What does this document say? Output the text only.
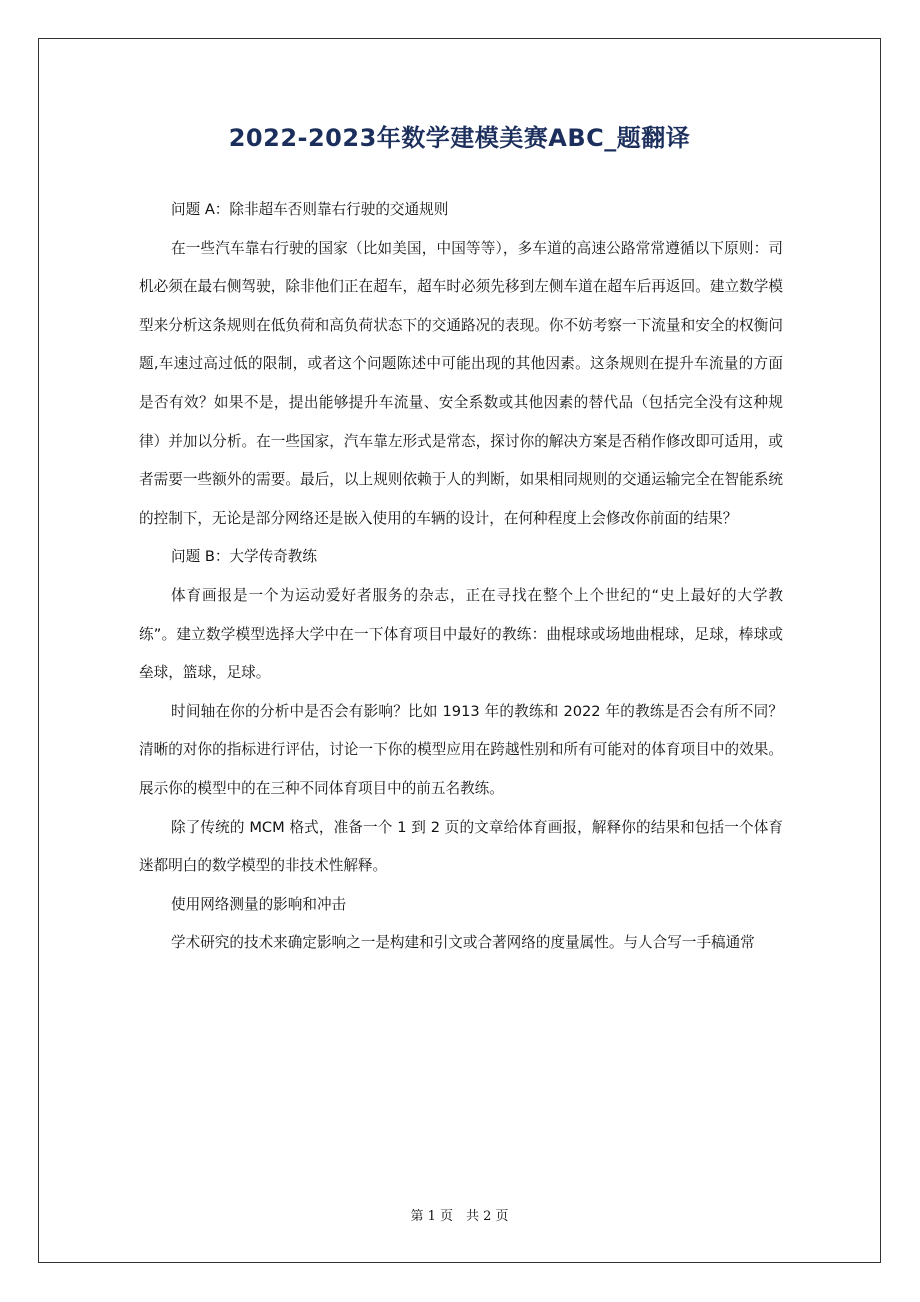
2022-2023年数学建模美赛ABC_题翻译

问题 A：除非超车否则靠右行驶的交通规则

在一些汽车靠右行驶的国家（比如美国，中国等等），多车道的高速公路常常遵循以下原则：司机必须在最右侧驾驶，除非他们正在超车，超车时必须先移到左侧车道在超车后再返回。建立数学模型来分析这条规则在低负荷和高负荷状态下的交通路况的表现。你不妨考察一下流量和安全的权衡问题,车速过高过低的限制，或者这个问题陈述中可能出现的其他因素。这条规则在提升车流量的方面是否有效？如果不是，提出能够提升车流量、安全系数或其他因素的替代品（包括完全没有这种规律）并加以分析。在一些国家，汽车靠左形式是常态，探讨你的解决方案是否稍作修改即可适用，或者需要一些额外的需要。最后，以上规则依赖于人的判断，如果相同规则的交通运输完全在智能系统的控制下，无论是部分网络还是嵌入使用的车辆的设计，在何种程度上会修改你前面的结果？

问题 B：大学传奇教练

体育画报是一个为运动爱好者服务的杂志，正在寻找在整个上个世纪的“史上最好的大学教练”。建立数学模型选择大学中在一下体育项目中最好的教练：曲棍球或场地曲棍球，足球，棒球或垒球，篮球，足球。

时间轴在你的分析中是否会有影响？比如 1913 年的教练和 2022 年的教练是否会有所不同？清晰的对你的指标进行评估，讨论一下你的模型应用在跨越性别和所有可能对的体育项目中的效果。展示你的模型中的在三种不同体育项目中的前五名教练。

除了传统的 MCM 格式，准备一个 1 到 2 页的文章给体育画报，解释你的结果和包括一个体育迷都明白的数学模型的非技术性解释。

使用网络测量的影响和冲击

学术研究的技术来确定影响之一是构建和引文或合著网络的度量属性。与人合写一手稿通常

第 1 页　共 2 页
